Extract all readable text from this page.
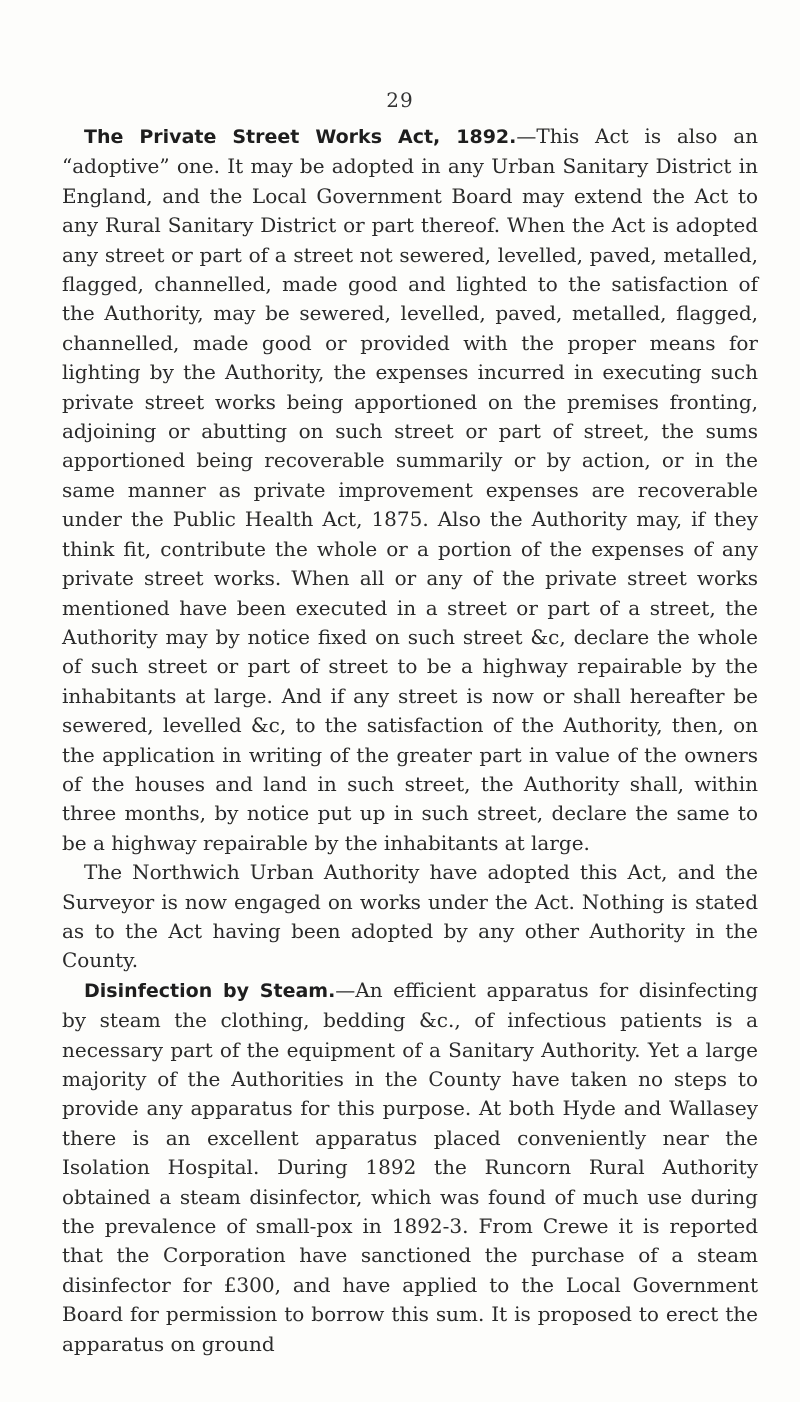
29

The Private Street Works Act, 1892.—This Act is also an “adoptive” one. It may be adopted in any Urban Sanitary District in England, and the Local Government Board may extend the Act to any Rural Sanitary District or part thereof. When the Act is adopted any street or part of a street not sewered, levelled, paved, metalled, flagged, channelled, made good and lighted to the satisfaction of the Authority, may be sewered, levelled, paved, metalled, flagged, channelled, made good or provided with the proper means for lighting by the Authority, the expenses incurred in executing such private street works being apportioned on the premises fronting, adjoining or abutting on such street or part of street, the sums apportioned being recoverable summarily or by action, or in the same manner as private improvement expenses are recoverable under the Public Health Act, 1875. Also the Authority may, if they think fit, contribute the whole or a portion of the expenses of any private street works. When all or any of the private street works mentioned have been executed in a street or part of a street, the Authority may by notice fixed on such street &c, declare the whole of such street or part of street to be a highway repairable by the inhabitants at large. And if any street is now or shall hereafter be sewered, levelled &c, to the satisfaction of the Authority, then, on the application in writing of the greater part in value of the owners of the houses and land in such street, the Authority shall, within three months, by notice put up in such street, declare the same to be a highway repairable by the inhabitants at large.

The Northwich Urban Authority have adopted this Act, and the Surveyor is now engaged on works under the Act. Nothing is stated as to the Act having been adopted by any other Authority in the County.

Disinfection by Steam.—An efficient apparatus for disinfecting by steam the clothing, bedding &c., of infectious patients is a necessary part of the equipment of a Sanitary Authority. Yet a large majority of the Authorities in the County have taken no steps to provide any apparatus for this purpose. At both Hyde and Wallasey there is an excellent apparatus placed conveniently near the Isolation Hospital. During 1892 the Runcorn Rural Authority obtained a steam disinfector, which was found of much use during the prevalence of small-pox in 1892-3. From Crewe it is reported that the Corporation have sanctioned the purchase of a steam disinfector for £300, and have applied to the Local Government Board for permission to borrow this sum. It is proposed to erect the apparatus on ground
